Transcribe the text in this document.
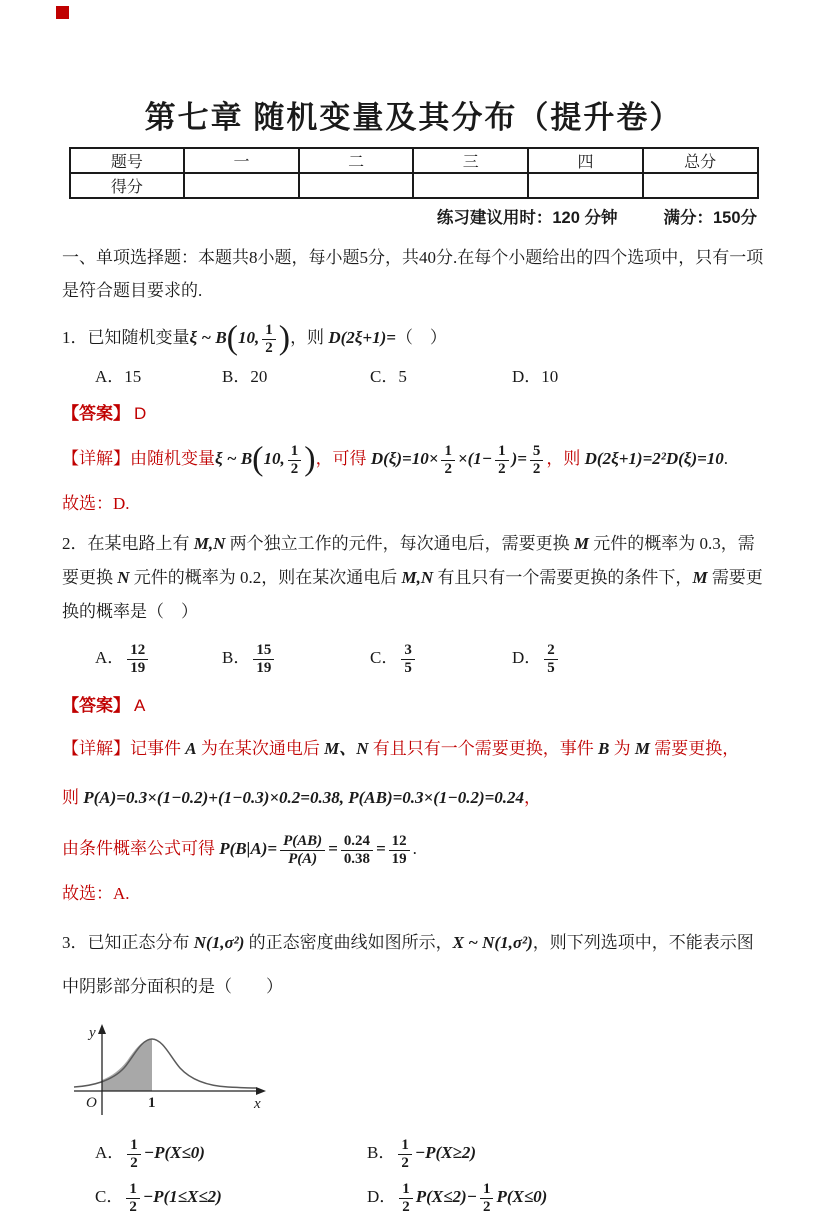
第七章 随机变量及其分布（提升卷）
题号	一	二	三	四	总分
得分					
练习建议用时：120 分钟	满分：150分

一、单项选择题：本题共8小题，每小题5分，共40分.在每个小题给出的四个选项中，只有一项是符合题目要求的.

1．已知随机变量ξ ~ B(10, $\frac{1}{2}$ )，则 D(2ξ+1)=（　）

A．15	B．20	C．5	D．10

【答案】 D

【详解】由随机变量ξ ~ B(10, $\frac{1}{2}$ )，可得 $D(\xi)=10\times \frac{1}{2} \times(1- \frac{1}{2}$ )= $\frac{5}{2}$ ，则 D(2ξ+1)=2²D(ξ)=10.

故选：D.

2．在某电路上有 M,N 两个独立工作的元件，每次通电后，需要更换 M 元件的概率为 0.3，需要更换 N 元件的概率为 0.2，则在某次通电后 M,N 有且只有一个需要更换的条件下，M 需要更换的概率是（　）

A． $\frac{12}{19}$	B． $\frac{15}{19}$	C． $\frac{3}{5}$	D． $\frac{2}{5}$

【答案】 A

【详解】记事件 A 为在某次通电后 M、N 有且只有一个需要更换，事件 B 为 M 需要更换，

则 P(A)=0.3×(1−0.2)+(1−0.3)×0.2=0.38, P(AB)=0.3×(1−0.2)=0.24，

由条件概率公式可得 $P(B|A)= \frac{P(AB)}{P(A)} = \frac{0.24}{0.38} = \frac{12}{19}$ .

故选：A.

3．已知正态分布 N(1,σ²) 的正态密度曲线如图所示，X ~ N(1,σ²)，则下列选项中，不能表示图中阴影部分面积的是（　　）

y
x
O	1
A． $\frac{1}{2} -P(X\le 0)$	B． $\frac{1}{2} -P(X\ge 2)$
C． $\frac{1}{2} -P(1\le X\le 2)$	D． $\frac{1}{2} P(X\le 2)- \frac{1}{2} P(X\le 0)$
